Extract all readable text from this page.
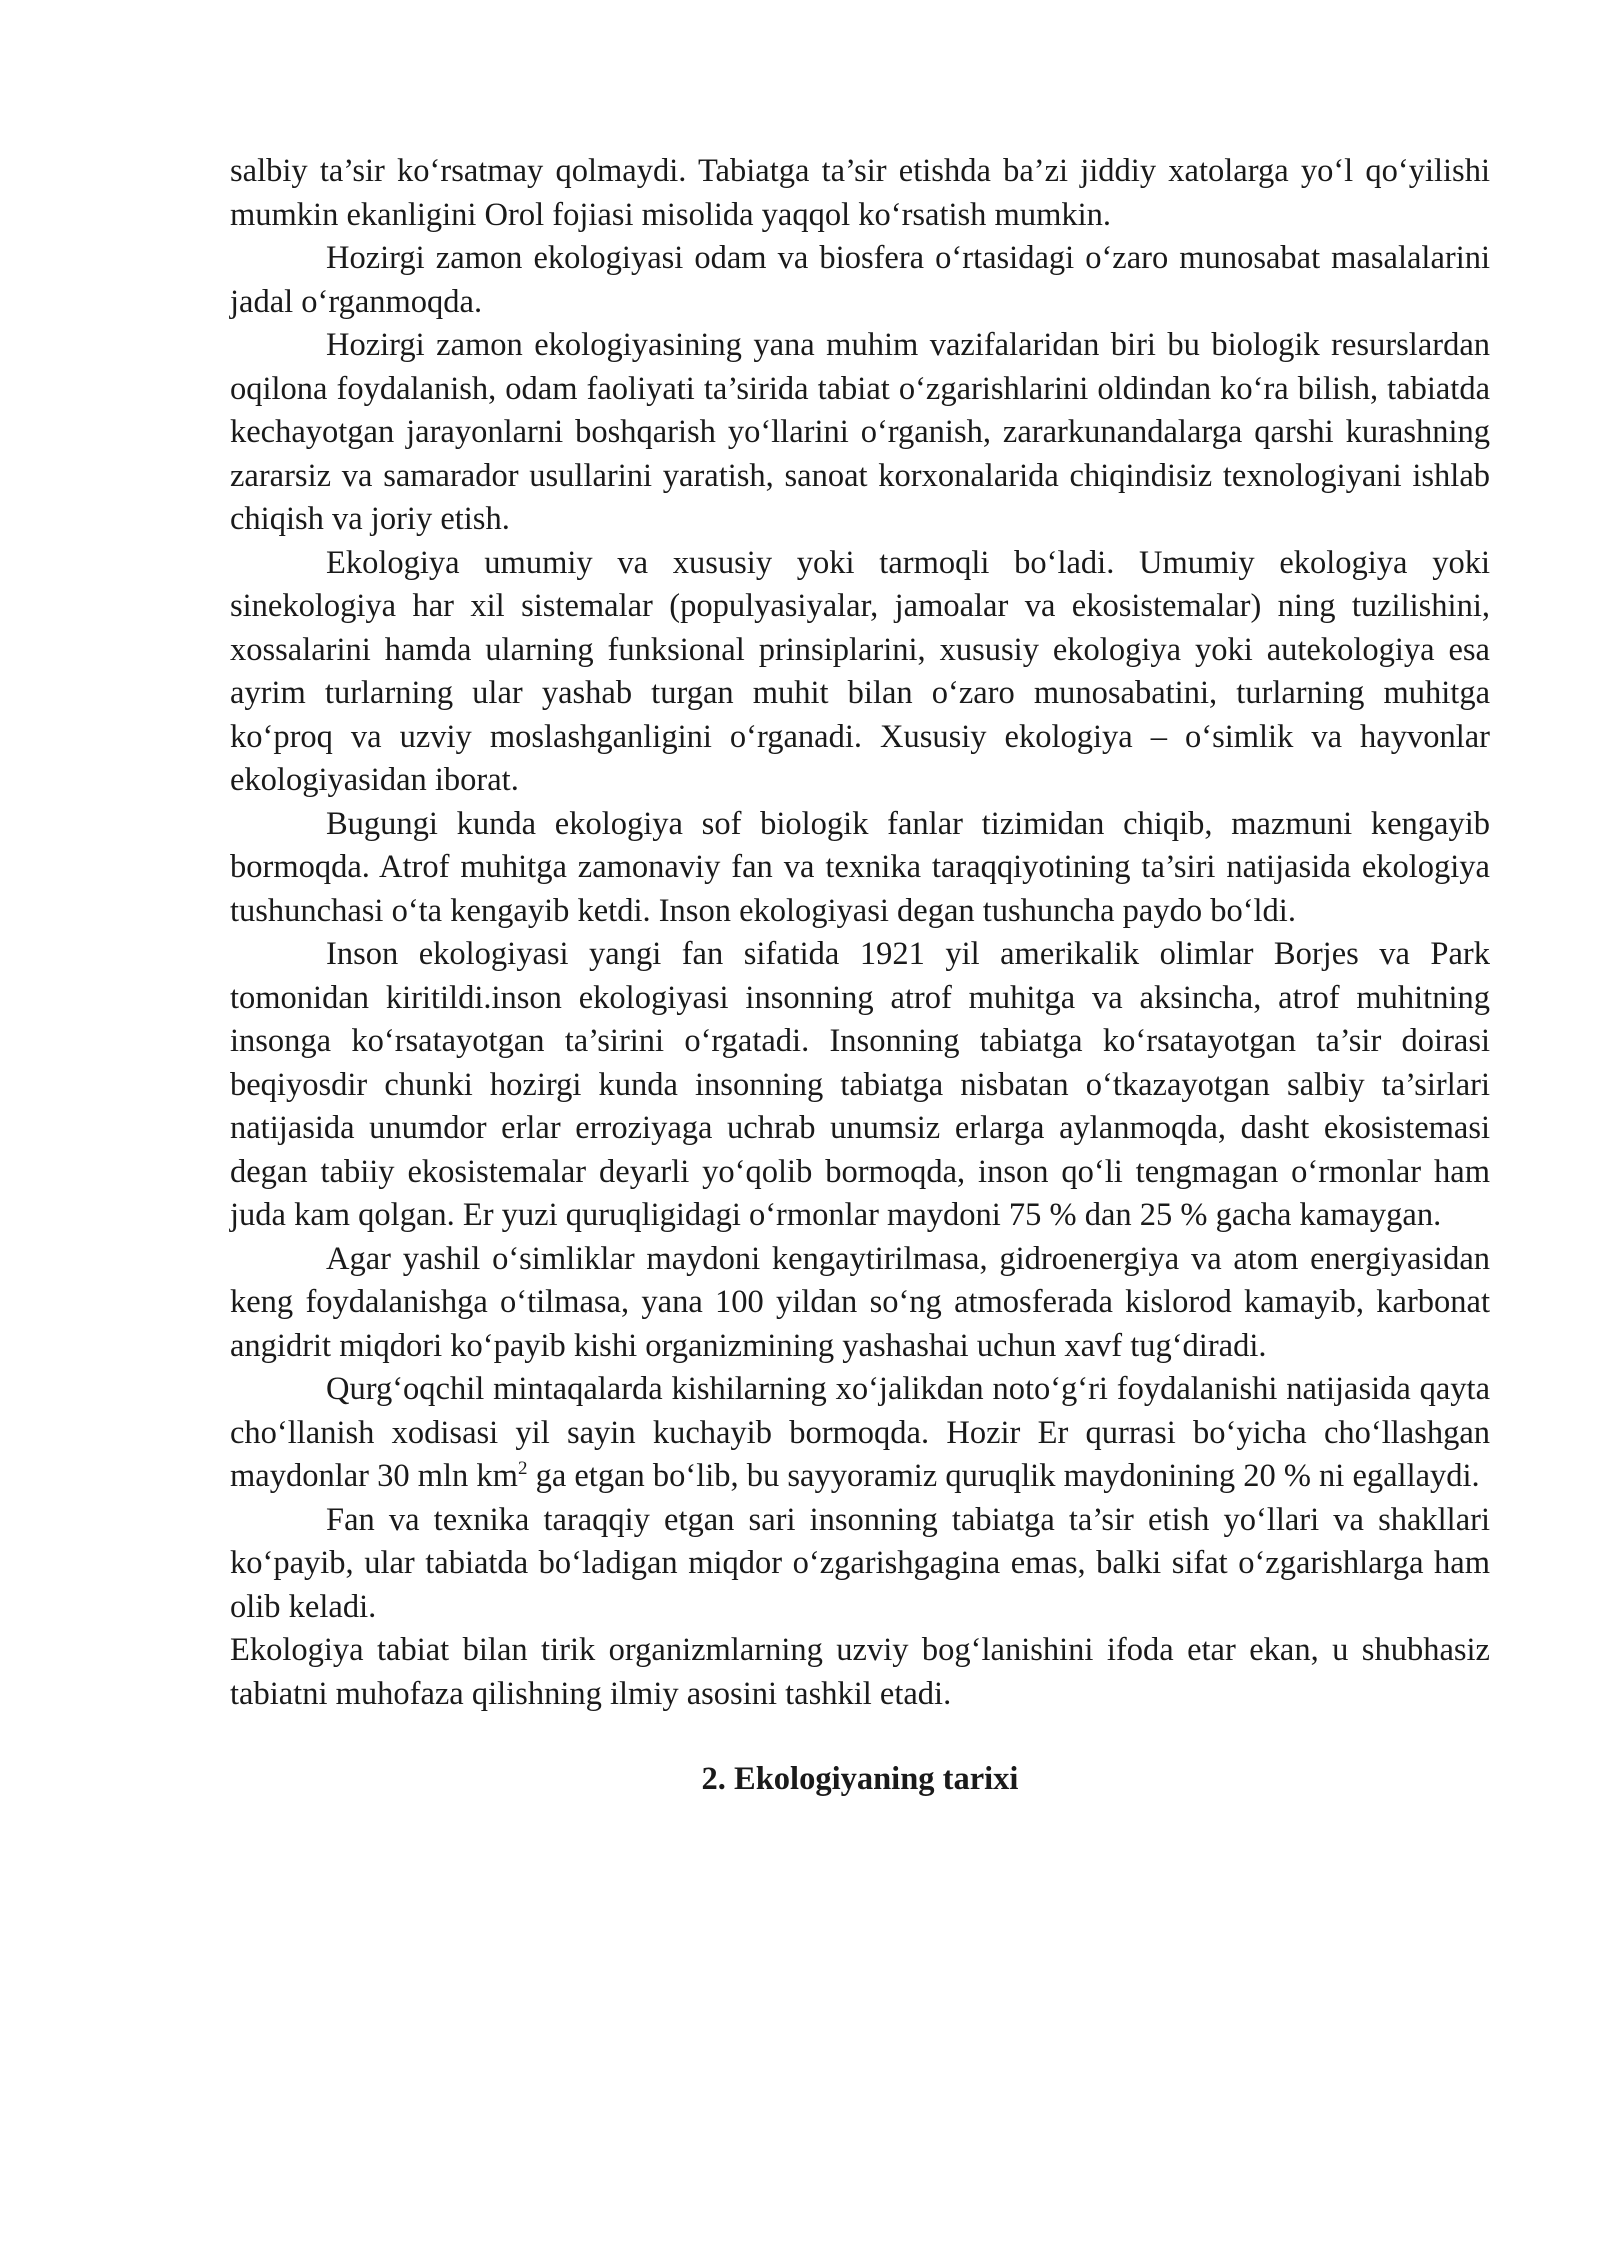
salbiy ta’sir ko‘rsatmay qolmaydi. Tabiatga ta’sir etishda ba’zi jiddiy xatolarga yo‘l qo‘yilishi mumkin ekanligini Orol fojiasi misolida yaqqol ko‘rsatish mumkin.

Hozirgi zamon ekologiyasi odam va biosfera o‘rtasidagi o‘zaro munosabat masalalarini jadal o‘rganmoqda.

Hozirgi zamon ekologiyasining yana muhim vazifalaridan biri bu biologik resurslardan oqilona foydalanish, odam faoliyati ta’sirida tabiat o‘zgarishlarini oldindan ko‘ra bilish, tabiatda kechayotgan jarayonlarni boshqarish yo‘llarini o‘rganish, zararkunandalarga qarshi kurashning zararsiz va samarador usullarini yaratish, sanoat korxonalarida chiqindisiz texnologiyani ishlab chiqish va joriy etish.

Ekologiya umumiy va xususiy yoki tarmoqli bo‘ladi. Umumiy ekologiya yoki sinekologiya har xil sistemalar (populyasiyalar, jamoalar va ekosistemalar) ning tuzilishini, xossalarini hamda ularning funksional prinsiplarini, xususiy ekologiya yoki autekologiya esa ayrim turlarning ular yashab turgan muhit bilan o‘zaro munosabatini, turlarning muhitga ko‘proq va uzviy moslashganligini o‘rganadi. Xususiy ekologiya – o‘simlik va hayvonlar ekologiyasidan iborat.

Bugungi kunda ekologiya sof biologik fanlar tizimidan chiqib, mazmuni kengayib bormoqda. Atrof muhitga zamonaviy fan va texnika taraqqiyotining ta’siri natijasida ekologiya tushunchasi o‘ta kengayib ketdi. Inson ekologiyasi degan tushuncha paydo bo‘ldi.

Inson ekologiyasi yangi fan sifatida 1921 yil amerikalik olimlar Borjes va Park tomonidan kiritildi.inson ekologiyasi insonning atrof muhitga va aksincha, atrof muhitning insonga ko‘rsatayotgan ta’sirini o‘rgatadi. Insonning tabiatga ko‘rsatayotgan ta’sir doirasi beqiyosdir chunki hozirgi kunda insonning tabiatga nisbatan o‘tkazayotgan salbiy ta’sirlari natijasida unumdor erlar erroziyaga uchrab unumsiz erlarga aylanmoqda, dasht ekosistemasi degan tabiiy ekosistemalar deyarli yo‘qolib bormoqda, inson qo‘li tengmagan o‘rmonlar ham juda kam qolgan. Er yuzi quruqligidagi o‘rmonlar maydoni 75 % dan 25 % gacha kamaygan.

Agar yashil o‘simliklar maydoni kengaytirilmasa, gidroenergiya va atom energiyasidan keng foydalanishga o‘tilmasa, yana 100 yildan so‘ng atmosferada kislorod kamayib, karbonat angidrit miqdori ko‘payib kishi organizmining yashashai uchun xavf tug‘diradi.

Qurg‘oqchil mintaqalarda kishilarning xo‘jalikdan noto‘g‘ri foydalanishi natijasida qayta cho‘llanish xodisasi yil sayin kuchayib bormoqda. Hozir Er qurrasi bo‘yicha cho‘llashgan maydonlar 30 mln $km^2$ ga etgan bo‘lib, bu sayyoramiz quruqlik maydonining 20 % ni egallaydi.

Fan va texnika taraqqiy etgan sari insonning tabiatga ta’sir etish yo‘llari va shakllari ko‘payib, ular tabiatda bo‘ladigan miqdor o‘zgarishgagina emas, balki sifat o‘zgarishlarga ham olib keladi.

Ekologiya tabiat bilan tirik organizmlarning uzviy bog‘lanishini ifoda etar ekan, u shubhasiz tabiatni muhofaza qilishning ilmiy asosini tashkil etadi.

2. Ekologiyaning tarixi
